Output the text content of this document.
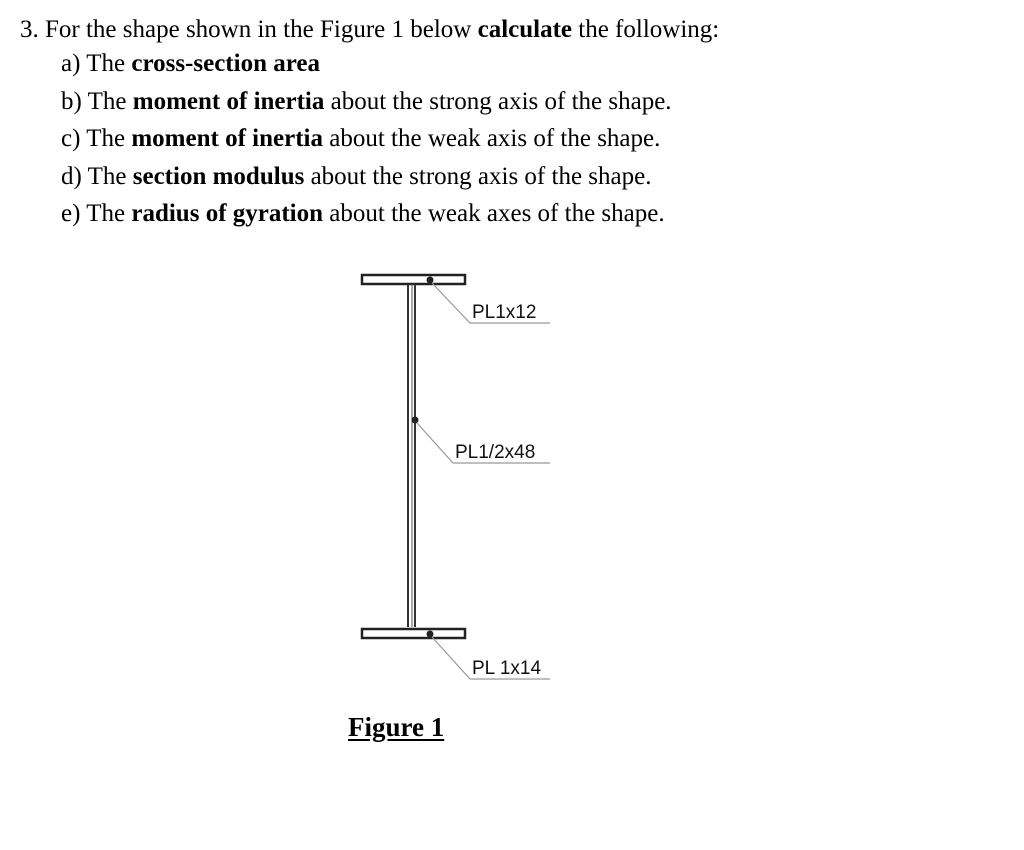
3. For the shape shown in the Figure 1 below calculate the following:
a) The cross-section area
b) The moment of inertia about the strong axis of the shape.
c) The moment of inertia about the weak axis of the shape.
d) The section modulus about the strong axis of the shape.
e) The radius of gyration about the weak axes of the shape.
PL1x12
PL1/2x48
PL 1x14
Figure 1
